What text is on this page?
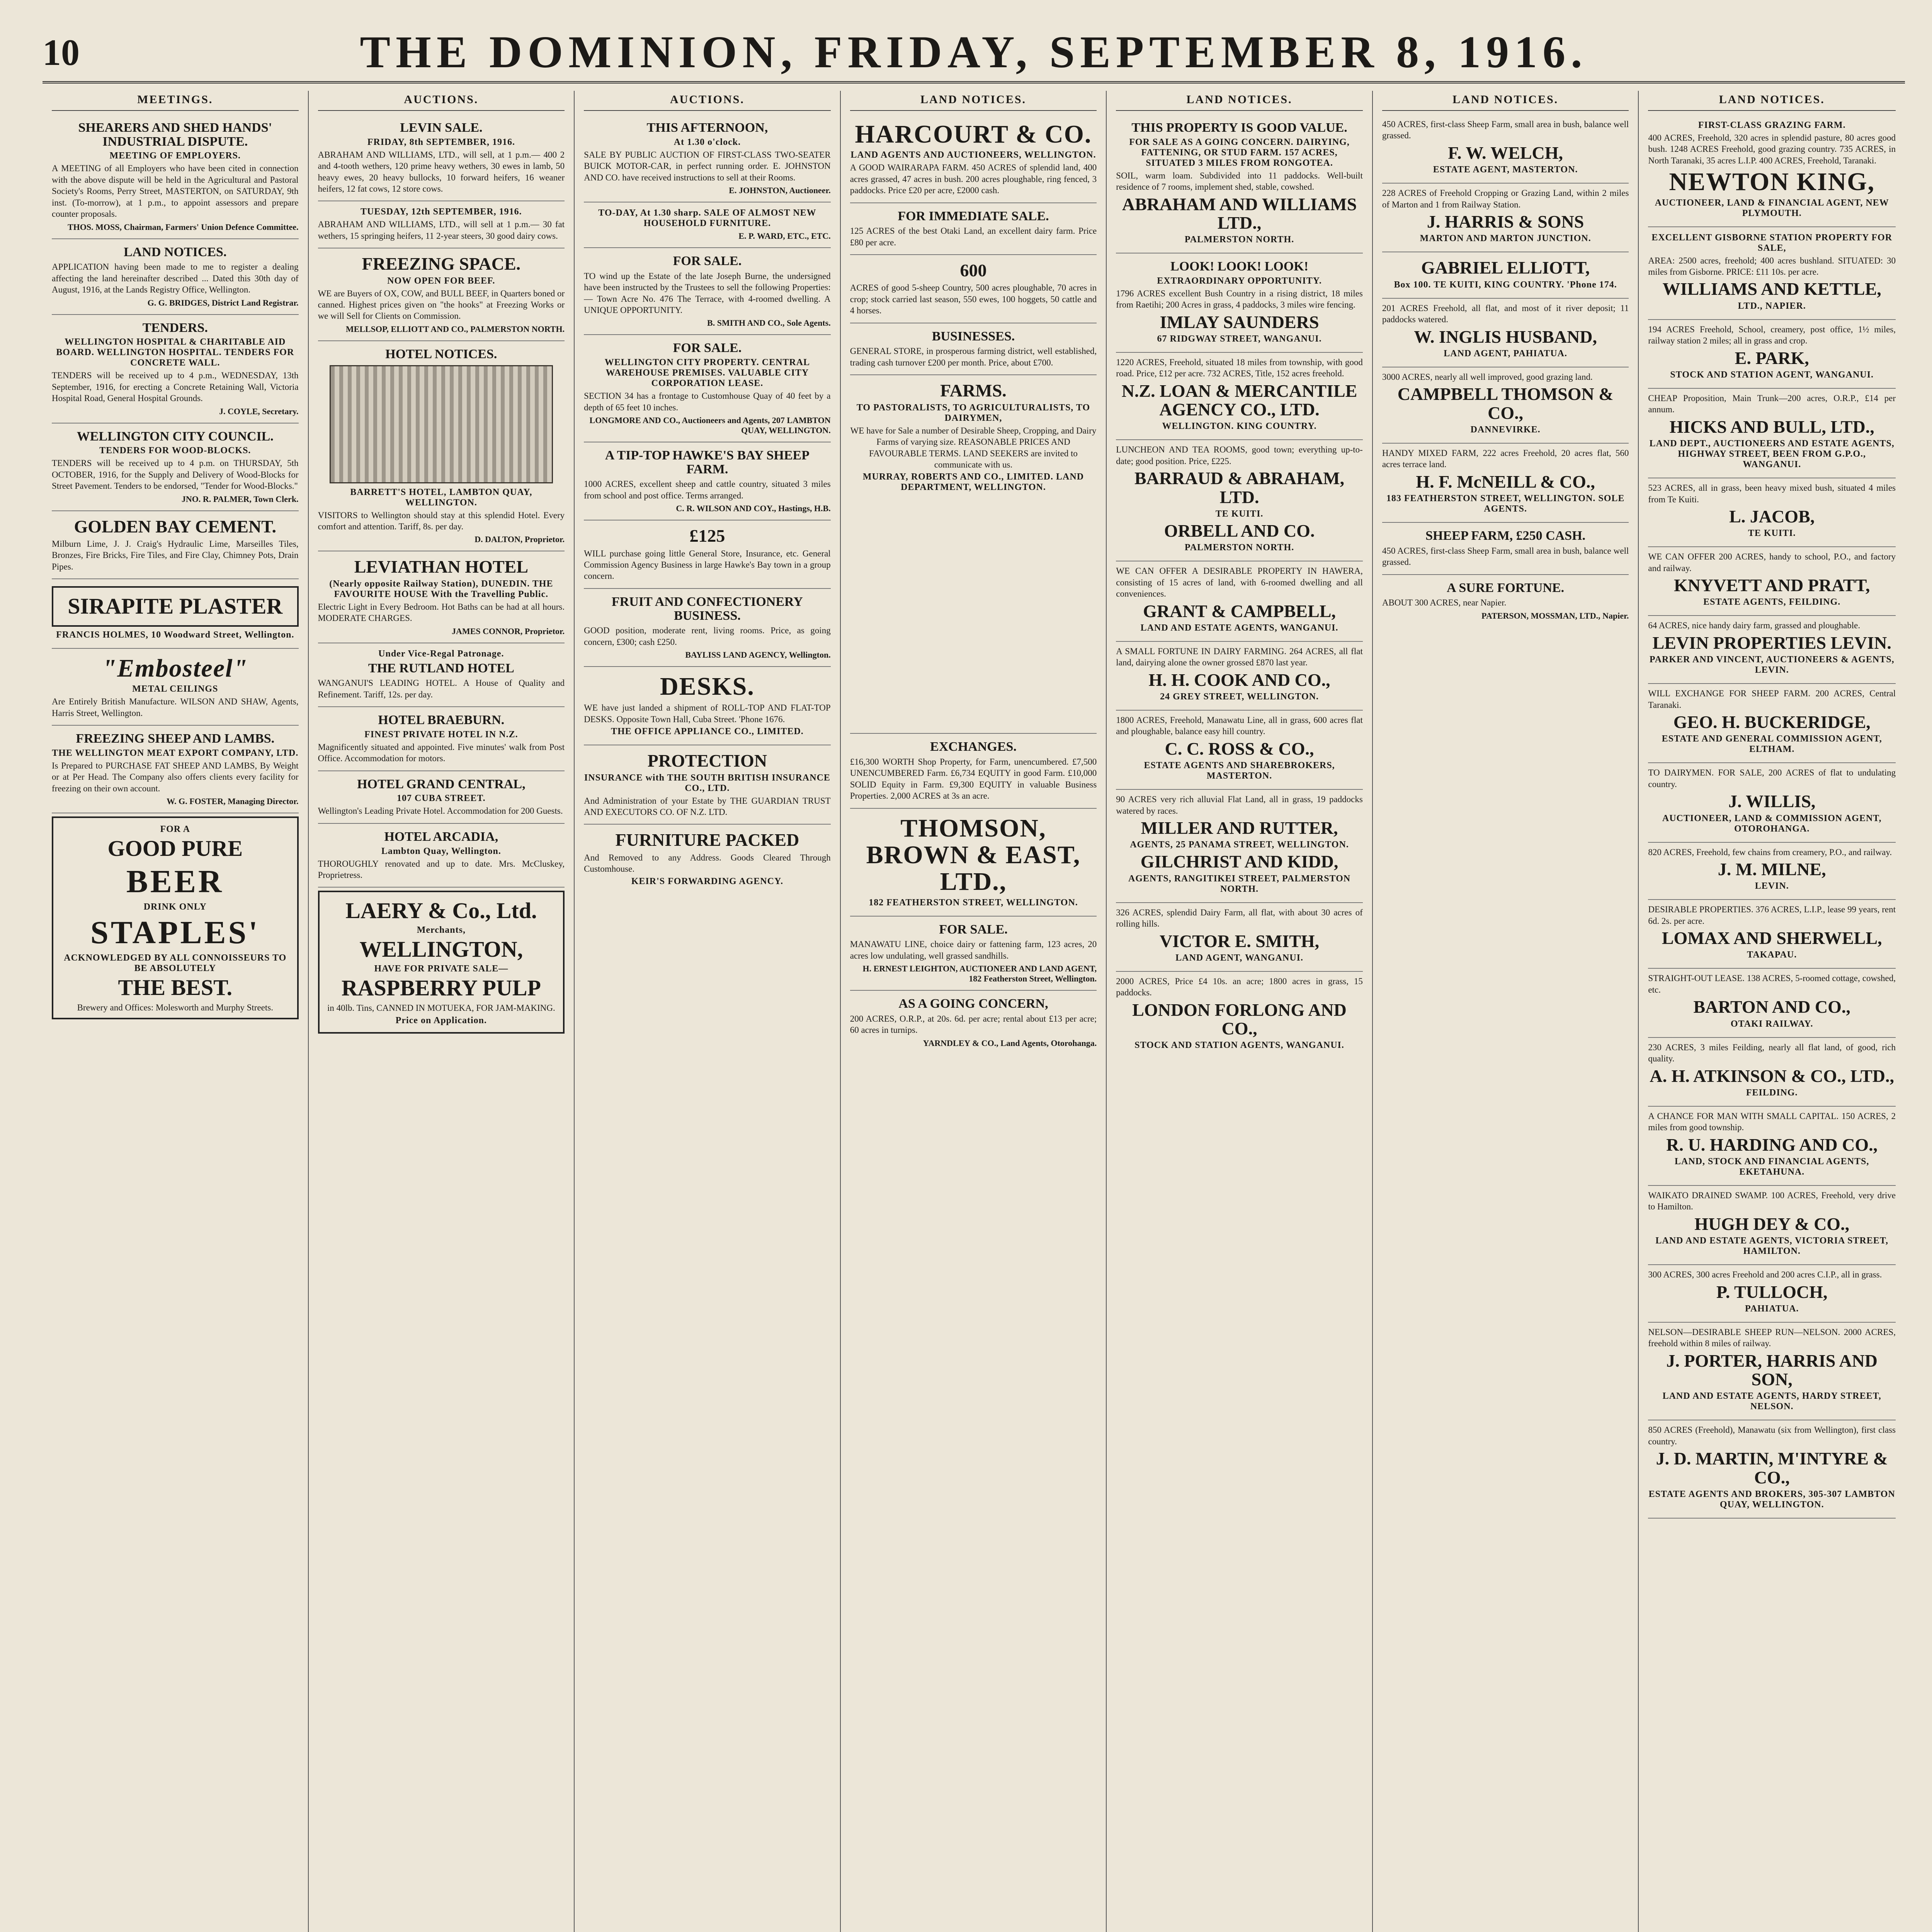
10	THE DOMINION, FRIDAY, SEPTEMBER 8, 1916.
MEETINGS.
SHEARERS AND SHED HANDS' INDUSTRIAL DISPUTE.
MEETING OF EMPLOYERS.
A MEETING of all Employers who have been cited in connection with the above dispute will be held in the Agricultural and Pastoral Society's Rooms, Perry Street, MASTERTON, on SATURDAY, 9th inst. (To-morrow), at 1 p.m., to appoint assessors and prepare counter proposals.
THOS. MOSS, Chairman, Farmers' Union Defence Committee.
LAND NOTICES.
APPLICATION having been made to me to register a dealing affecting the land hereinafter described ... Dated this 30th day of August, 1916, at the Lands Registry Office, Wellington.
G. G. BRIDGES, District Land Registrar.
TENDERS.
WELLINGTON HOSPITAL & CHARITABLE AID BOARD. WELLINGTON HOSPITAL. TENDERS FOR CONCRETE WALL.
TENDERS will be received up to 4 p.m., WEDNESDAY, 13th September, 1916, for erecting a Concrete Retaining Wall, Victoria Hospital Road, General Hospital Grounds.
J. COYLE, Secretary.
WELLINGTON CITY COUNCIL.
TENDERS FOR WOOD-BLOCKS.
TENDERS will be received up to 4 p.m. on THURSDAY, 5th OCTOBER, 1916, for the Supply and Delivery of Wood-Blocks for Street Pavement. Tenders to be endorsed, "Tender for Wood-Blocks."
JNO. R. PALMER, Town Clerk.
GOLDEN BAY CEMENT.
Milburn Lime, J. J. Craig's Hydraulic Lime, Marseilles Tiles, Bronzes, Fire Bricks, Fire Tiles, and Fire Clay, Chimney Pots, Drain Pipes.
SIRAPITE PLASTER
FRANCIS HOLMES, 10 Woodward Street, Wellington.
"Embosteel"
METAL CEILINGS
Are Entirely British Manufacture. WILSON AND SHAW, Agents, Harris Street, Wellington.
FREEZING SHEEP AND LAMBS.
THE WELLINGTON MEAT EXPORT COMPANY, LTD.
Is Prepared to PURCHASE FAT SHEEP AND LAMBS, By Weight or at Per Head. The Company also offers clients every facility for freezing on their own account.
W. G. FOSTER, Managing Director.
FOR A
GOOD PURE
BEER
DRINK ONLY
STAPLES'
ACKNOWLEDGED BY ALL CONNOISSEURS TO BE ABSOLUTELY
THE BEST.
Brewery and Offices: Molesworth and Murphy Streets.
AUCTIONS.
LEVIN SALE.
FRIDAY, 8th SEPTEMBER, 1916.
ABRAHAM AND WILLIAMS, LTD., will sell, at 1 p.m.— 400 2 and 4-tooth wethers, 120 prime heavy wethers, 30 ewes in lamb, 50 heavy ewes, 20 heavy bullocks, 10 forward heifers, 16 weaner heifers, 12 fat cows, 12 store cows.
TUESDAY, 12th SEPTEMBER, 1916.
ABRAHAM AND WILLIAMS, LTD., will sell at 1 p.m.— 30 fat wethers, 15 springing heifers, 11 2-year steers, 30 good dairy cows.
FREEZING SPACE.
NOW OPEN FOR BEEF.
WE are Buyers of OX, COW, and BULL BEEF, in Quarters boned or canned. Highest prices given on "the hooks" at Freezing Works or we will Sell for Clients on Commission.
MELLSOP, ELLIOTT AND CO., PALMERSTON NORTH.
HOTEL NOTICES.
BARRETT'S HOTEL, LAMBTON QUAY, WELLINGTON.
VISITORS to Wellington should stay at this splendid Hotel. Every comfort and attention. Tariff, 8s. per day.
D. DALTON, Proprietor.
LEVIATHAN HOTEL
(Nearly opposite Railway Station), DUNEDIN. THE FAVOURITE HOUSE With the Travelling Public.
Electric Light in Every Bedroom. Hot Baths can be had at all hours. MODERATE CHARGES.
JAMES CONNOR, Proprietor.
Under Vice-Regal Patronage.
THE RUTLAND HOTEL
WANGANUI'S LEADING HOTEL. A House of Quality and Refinement. Tariff, 12s. per day.
HOTEL BRAEBURN.
FINEST PRIVATE HOTEL IN N.Z.
Magnificently situated and appointed. Five minutes' walk from Post Office. Accommodation for motors.
HOTEL GRAND CENTRAL,
107 CUBA STREET.
Wellington's Leading Private Hotel. Accommodation for 200 Guests.
HOTEL ARCADIA,
Lambton Quay, Wellington.
THOROUGHLY renovated and up to date. Mrs. McCluskey, Proprietress.
LAERY & Co., Ltd.
Merchants,
WELLINGTON,
HAVE FOR PRIVATE SALE—
RASPBERRY PULP
in 40lb. Tins, CANNED IN MOTUEKA, FOR JAM-MAKING.
Price on Application.
AUCTIONS.
THIS AFTERNOON,
At 1.30 o'clock.
SALE BY PUBLIC AUCTION OF FIRST-CLASS TWO-SEATER BUICK MOTOR-CAR, in perfect running order. E. JOHNSTON AND CO. have received instructions to sell at their Rooms.
E. JOHNSTON, Auctioneer.
TO-DAY, At 1.30 sharp. SALE OF ALMOST NEW HOUSEHOLD FURNITURE.
E. P. WARD, ETC., ETC.
FOR SALE.
TO wind up the Estate of the late Joseph Burne, the undersigned have been instructed by the Trustees to sell the following Properties:— Town Acre No. 476 The Terrace, with 4-roomed dwelling. A UNIQUE OPPORTUNITY.
B. SMITH AND CO., Sole Agents.
FOR SALE.
WELLINGTON CITY PROPERTY. CENTRAL WAREHOUSE PREMISES. VALUABLE CITY CORPORATION LEASE.
SECTION 34 has a frontage to Customhouse Quay of 40 feet by a depth of 65 feet 10 inches.
LONGMORE AND CO., Auctioneers and Agents, 207 LAMBTON QUAY, WELLINGTON.
A TIP-TOP HAWKE'S BAY SHEEP FARM.
1000 ACRES, excellent sheep and cattle country, situated 3 miles from school and post office. Terms arranged.
C. R. WILSON AND COY., Hastings, H.B.
£125
WILL purchase going little General Store, Insurance, etc. General Commission Agency Business in large Hawke's Bay town in a group concern.
FRUIT AND CONFECTIONERY BUSINESS.
GOOD position, moderate rent, living rooms. Price, as going concern, £300; cash £250.
BAYLISS LAND AGENCY, Wellington.
DESKS.
WE have just landed a shipment of ROLL-TOP AND FLAT-TOP DESKS. Opposite Town Hall, Cuba Street. 'Phone 1676.
THE OFFICE APPLIANCE CO., LIMITED.
PROTECTION
INSURANCE with THE SOUTH BRITISH INSURANCE CO., LTD.
And Administration of your Estate by THE GUARDIAN TRUST AND EXECUTORS CO. OF N.Z. LTD.
FURNITURE PACKED
And Removed to any Address. Goods Cleared Through Customhouse.
KEIR'S FORWARDING AGENCY.
LAND NOTICES.
HARCOURT & CO.
LAND AGENTS AND AUCTIONEERS, WELLINGTON.
A GOOD WAIRARAPA FARM. 450 ACRES of splendid land, 400 acres grassed, 47 acres in bush. 200 acres ploughable, ring fenced, 3 paddocks. Price £20 per acre, £2000 cash.
FOR IMMEDIATE SALE.
125 ACRES of the best Otaki Land, an excellent dairy farm. Price £80 per acre.
600
ACRES of good 5-sheep Country, 500 acres ploughable, 70 acres in crop; stock carried last season, 550 ewes, 100 hoggets, 50 cattle and 4 horses.
BUSINESSES.
GENERAL STORE, in prosperous farming district, well established, trading cash turnover £200 per month. Price, about £700.
FARMS.
TO PASTORALISTS, TO AGRICULTURALISTS, TO DAIRYMEN,
WE have for Sale a number of Desirable Sheep, Cropping, and Dairy Farms of varying size. REASONABLE PRICES AND FAVOURABLE TERMS. LAND SEEKERS are invited to communicate with us.
MURRAY, ROBERTS AND CO., LIMITED. LAND DEPARTMENT, WELLINGTON.
EXCHANGES.
£16,300 WORTH Shop Property, for Farm, unencumbered. £7,500 UNENCUMBERED Farm. £6,734 EQUITY in good Farm. £10,000 SOLID Equity in Farm. £9,300 EQUITY in valuable Business Properties. 2,000 ACRES at 3s an acre.
THOMSON, BROWN & EAST, LTD.,
182 FEATHERSTON STREET, WELLINGTON.
FOR SALE.
MANAWATU LINE, choice dairy or fattening farm, 123 acres, 20 acres low undulating, well grassed sandhills.
H. ERNEST LEIGHTON, AUCTIONEER AND LAND AGENT, 182 Featherston Street, Wellington.
AS A GOING CONCERN,
200 ACRES, O.R.P., at 20s. 6d. per acre; rental about £13 per acre; 60 acres in turnips.
YARNDLEY & CO., Land Agents, Otorohanga.
LAND NOTICES.
THIS PROPERTY IS GOOD VALUE.
FOR SALE AS A GOING CONCERN. DAIRYING, FATTENING, OR STUD FARM. 157 ACRES, SITUATED 3 MILES FROM RONGOTEA.
SOIL, warm loam. Subdivided into 11 paddocks. Well-built residence of 7 rooms, implement shed, stable, cowshed.
ABRAHAM AND WILLIAMS LTD.,
PALMERSTON NORTH.
LOOK! LOOK! LOOK!
EXTRAORDINARY OPPORTUNITY.
1796 ACRES excellent Bush Country in a rising district, 18 miles from Raetihi; 200 Acres in grass, 4 paddocks, 3 miles wire fencing.
IMLAY SAUNDERS
67 RIDGWAY STREET, WANGANUI.
1220 ACRES, Freehold, situated 18 miles from township, with good road. Price, £12 per acre. 732 ACRES, Title, 152 acres freehold.
N.Z. LOAN & MERCANTILE AGENCY CO., LTD.
WELLINGTON. KING COUNTRY.
LUNCHEON AND TEA ROOMS, good town; everything up-to-date; good position. Price, £225.
BARRAUD & ABRAHAM, LTD.
TE KUITI.
ORBELL AND CO.
PALMERSTON NORTH.
WE CAN OFFER A DESIRABLE PROPERTY IN HAWERA, consisting of 15 acres of land, with 6-roomed dwelling and all conveniences.
GRANT & CAMPBELL,
LAND AND ESTATE AGENTS, WANGANUI.
A SMALL FORTUNE IN DAIRY FARMING. 264 ACRES, all flat land, dairying alone the owner grossed £870 last year.
H. H. COOK AND CO.,
24 GREY STREET, WELLINGTON.
1800 ACRES, Freehold, Manawatu Line, all in grass, 600 acres flat and ploughable, balance easy hill country.
C. C. ROSS & CO.,
ESTATE AGENTS AND SHAREBROKERS, MASTERTON.
90 ACRES very rich alluvial Flat Land, all in grass, 19 paddocks watered by races.
MILLER AND RUTTER,
AGENTS, 25 PANAMA STREET, WELLINGTON.
GILCHRIST AND KIDD,
AGENTS, RANGITIKEI STREET, PALMERSTON NORTH.
326 ACRES, splendid Dairy Farm, all flat, with about 30 acres of rolling hills.
VICTOR E. SMITH,
LAND AGENT, WANGANUI.
2000 ACRES, Price £4 10s. an acre; 1800 acres in grass, 15 paddocks.
LONDON FORLONG AND CO.,
STOCK AND STATION AGENTS, WANGANUI.
LAND NOTICES.
450 ACRES, first-class Sheep Farm, small area in bush, balance well grassed.
F. W. WELCH,
ESTATE AGENT, MASTERTON.
228 ACRES of Freehold Cropping or Grazing Land, within 2 miles of Marton and 1 from Railway Station.
J. HARRIS & SONS
MARTON AND MARTON JUNCTION.
GABRIEL ELLIOTT,
Box 100. TE KUITI, KING COUNTRY. 'Phone 174.
201 ACRES Freehold, all flat, and most of it river deposit; 11 paddocks watered.
W. INGLIS HUSBAND,
LAND AGENT, PAHIATUA.
3000 ACRES, nearly all well improved, good grazing land.
CAMPBELL THOMSON & CO.,
DANNEVIRKE.
HANDY MIXED FARM, 222 acres Freehold, 20 acres flat, 560 acres terrace land.
H. F. McNEILL & CO.,
183 FEATHERSTON STREET, WELLINGTON. SOLE AGENTS.
SHEEP FARM, £250 CASH.
450 ACRES, first-class Sheep Farm, small area in bush, balance well grassed.
A SURE FORTUNE.
ABOUT 300 ACRES, near Napier.
PATERSON, MOSSMAN, LTD., Napier.
LAND NOTICES.
FIRST-CLASS GRAZING FARM.
400 ACRES, Freehold, 320 acres in splendid pasture, 80 acres good bush. 1248 ACRES Freehold, good grazing country. 735 ACRES, in North Taranaki, 35 acres L.I.P. 400 ACRES, Freehold, Taranaki.
NEWTON KING,
AUCTIONEER, LAND & FINANCIAL AGENT, NEW PLYMOUTH.
EXCELLENT GISBORNE STATION PROPERTY FOR SALE,
AREA: 2500 acres, freehold; 400 acres bushland. SITUATED: 30 miles from Gisborne. PRICE: £11 10s. per acre.
WILLIAMS AND KETTLE,
LTD., NAPIER.
194 ACRES Freehold, School, creamery, post office, 1½ miles, railway station 2 miles; all in grass and crop.
E. PARK,
STOCK AND STATION AGENT, WANGANUI.
CHEAP Proposition, Main Trunk—200 acres, O.R.P., £14 per annum.
HICKS AND BULL, LTD.,
LAND DEPT., AUCTIONEERS AND ESTATE AGENTS, HIGHWAY STREET, BEEN FROM G.P.O., WANGANUI.
523 ACRES, all in grass, been heavy mixed bush, situated 4 miles from Te Kuiti.
L. JACOB,
TE KUITI.
WE CAN OFFER 200 ACRES, handy to school, P.O., and factory and railway.
KNYVETT AND PRATT,
ESTATE AGENTS, FEILDING.
64 ACRES, nice handy dairy farm, grassed and ploughable.
LEVIN PROPERTIES LEVIN.
PARKER AND VINCENT, AUCTIONEERS & AGENTS, LEVIN.
WILL EXCHANGE FOR SHEEP FARM. 200 ACRES, Central Taranaki.
GEO. H. BUCKERIDGE,
ESTATE AND GENERAL COMMISSION AGENT, ELTHAM.
TO DAIRYMEN. FOR SALE, 200 ACRES of flat to undulating country.
J. WILLIS,
AUCTIONEER, LAND & COMMISSION AGENT, OTOROHANGA.
820 ACRES, Freehold, few chains from creamery, P.O., and railway.
J. M. MILNE,
LEVIN.
DESIRABLE PROPERTIES. 376 ACRES, L.I.P., lease 99 years, rent 6d. 2s. per acre.
LOMAX AND SHERWELL,
TAKAPAU.
STRAIGHT-OUT LEASE. 138 ACRES, 5-roomed cottage, cowshed, etc.
BARTON AND CO.,
OTAKI RAILWAY.
230 ACRES, 3 miles Feilding, nearly all flat land, of good, rich quality.
A. H. ATKINSON & CO., LTD.,
FEILDING.
A CHANCE FOR MAN WITH SMALL CAPITAL. 150 ACRES, 2 miles from good township.
R. U. HARDING AND CO.,
LAND, STOCK AND FINANCIAL AGENTS, EKETAHUNA.
WAIKATO DRAINED SWAMP. 100 ACRES, Freehold, very drive to Hamilton.
HUGH DEY & CO.,
LAND AND ESTATE AGENTS, VICTORIA STREET, HAMILTON.
300 ACRES, 300 acres Freehold and 200 acres C.I.P., all in grass.
P. TULLOCH,
PAHIATUA.
NELSON—DESIRABLE SHEEP RUN—NELSON. 2000 ACRES, freehold within 8 miles of railway.
J. PORTER, HARRIS AND SON,
LAND AND ESTATE AGENTS, HARDY STREET, NELSON.
850 ACRES (Freehold), Manawatu (six from Wellington), first class country.
J. D. MARTIN, M'INTYRE & CO.,
ESTATE AGENTS AND BROKERS, 305-307 LAMBTON QUAY, WELLINGTON.
